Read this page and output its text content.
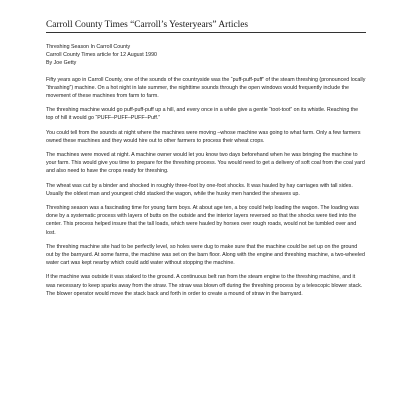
Carroll County Times “Carroll’s Yesteryears” Articles
Threshing Season In Carroll County
Carroll County Times article for 12 August 1990
By Joe Getty

Fifty years ago in Carroll County, one of the sounds of the countryside was the “puff-puff-puff” of the steam threshing (pronounced locally “thrashing”) machine. On a hot night in late summer, the nighttime sounds through the open windows would frequently include the movement of these machines from farm to farm.

The threshing machine would go puff-puff-puff up a hill, and every once in a while give a gentle “toot-toot” on its whistle. Reaching the top of hill it would go “PUFF–PUFF–PUFF–Puff.”

You could tell from the sounds at night where the machines were moving –whose machine was going to what farm. Only a few farmers owned these machines and they would hire out to other farmers to process their wheat crops.

The machines were moved at night. A machine owner would let you know two days beforehand when he was bringing the machine to your farm. This would give you time to prepare for the threshing process. You would need to get a delivery of soft coal from the coal yard and also need to have the crops ready for threshing.

The wheat was cut by a binder and shocked in roughly three-foot by one-foot shocks. It was hauled by hay carriages with tall sides. Usually the oldest man and youngest child stacked the wagon, while the husky men handed the sheaves up.

Threshing season was a fascinating time for young farm boys. At about age ten, a boy could help loading the wagon. The loading was done by a systematic process with layers of butts on the outside and the interior layers reversed so that the shocks were tied into the center. This process helped insure that the tall loads, which were hauled by horses over rough roads, would not be tumbled over and lost.

The threshing machine site had to be perfectly level, so holes were dug to make sure that the machine could be set up on the ground out by the barnyard. At some farms, the machine was set on the barn floor. Along with the engine and threshing machine, a two-wheeled water cart was kept nearby which could add water without stopping the machine.

If the machine was outside it was staked to the ground. A continuous belt ran from the steam engine to the threshing machine, and it was necessary to keep sparks away from the straw. The straw was blown off during the threshing process by a telescopic blower stack. The blower operator would move the stack back and forth in order to create a mound of straw in the barnyard.
